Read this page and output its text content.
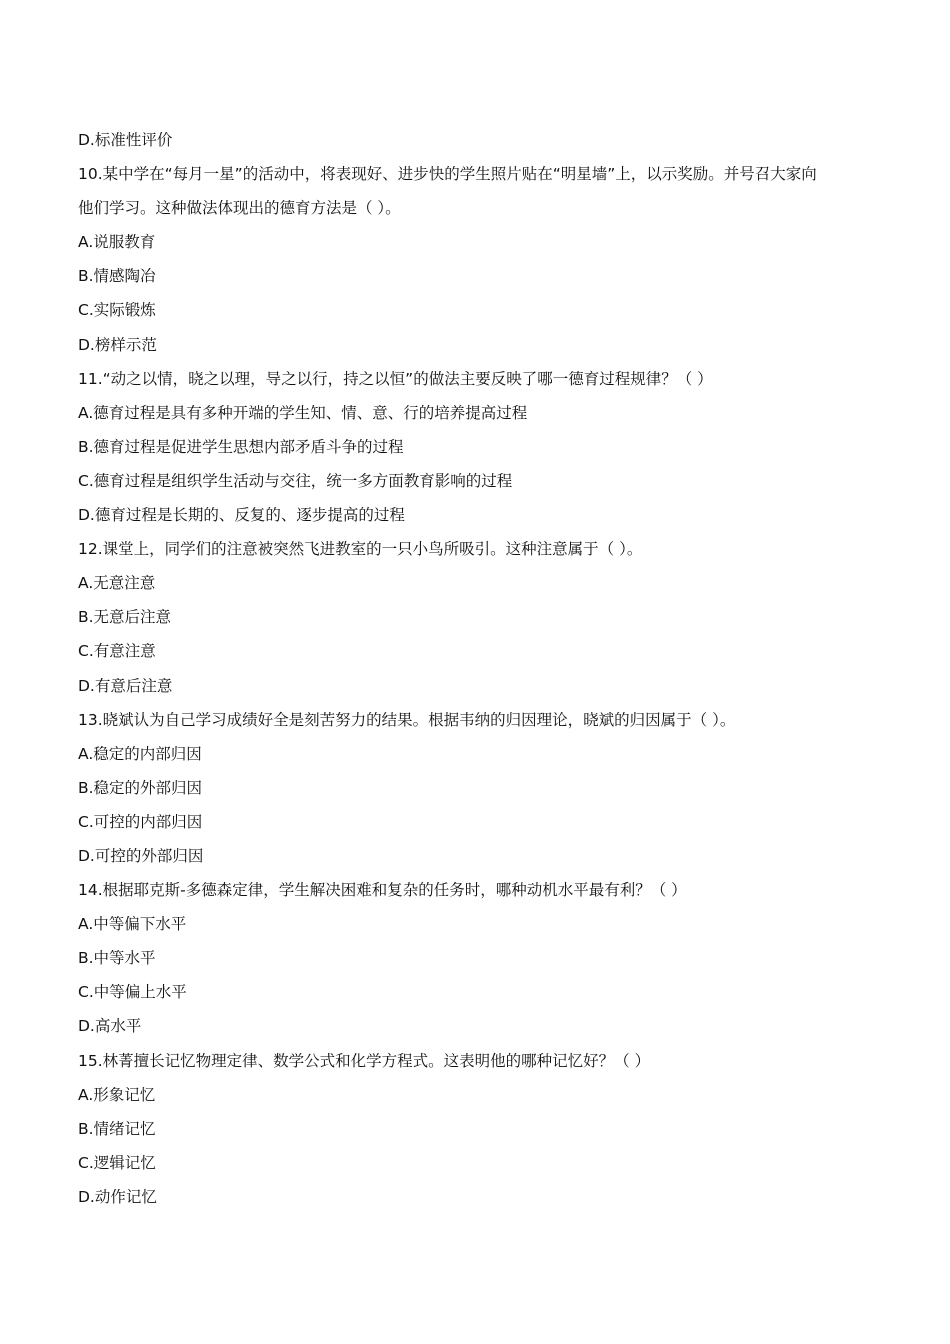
D.标准性评价
10.某中学在“每月一星”的活动中，将表现好、进步快的学生照片贴在“明星墙”上，以示奖励。并号召大家向
他们学习。这种做法体现出的德育方法是（ ）。
A.说服教育
B.情感陶冶
C.实际锻炼
D.榜样示范
11.“动之以情，晓之以理，导之以行，持之以恒”的做法主要反映了哪一德育过程规律？（ ）
A.德育过程是具有多种开端的学生知、情、意、行的培养提高过程
B.德育过程是促进学生思想内部矛盾斗争的过程
C.德育过程是组织学生活动与交往，统一多方面教育影响的过程
D.德育过程是长期的、反复的、逐步提高的过程
12.课堂上，同学们的注意被突然飞进教室的一只小鸟所吸引。这种注意属于（ ）。
A.无意注意
B.无意后注意
C.有意注意
D.有意后注意
13.晓斌认为自己学习成绩好全是刻苦努力的结果。根据韦纳的归因理论，晓斌的归因属于（ ）。
A.稳定的内部归因
B.稳定的外部归因
C.可控的内部归因
D.可控的外部归因
14.根据耶克斯-多德森定律，学生解决困难和复杂的任务时，哪种动机水平最有利？（ ）
A.中等偏下水平
B.中等水平
C.中等偏上水平
D.高水平
15.林菁擅长记忆物理定律、数学公式和化学方程式。这表明他的哪种记忆好？（ ）
A.形象记忆
B.情绪记忆
C.逻辑记忆
D.动作记忆
